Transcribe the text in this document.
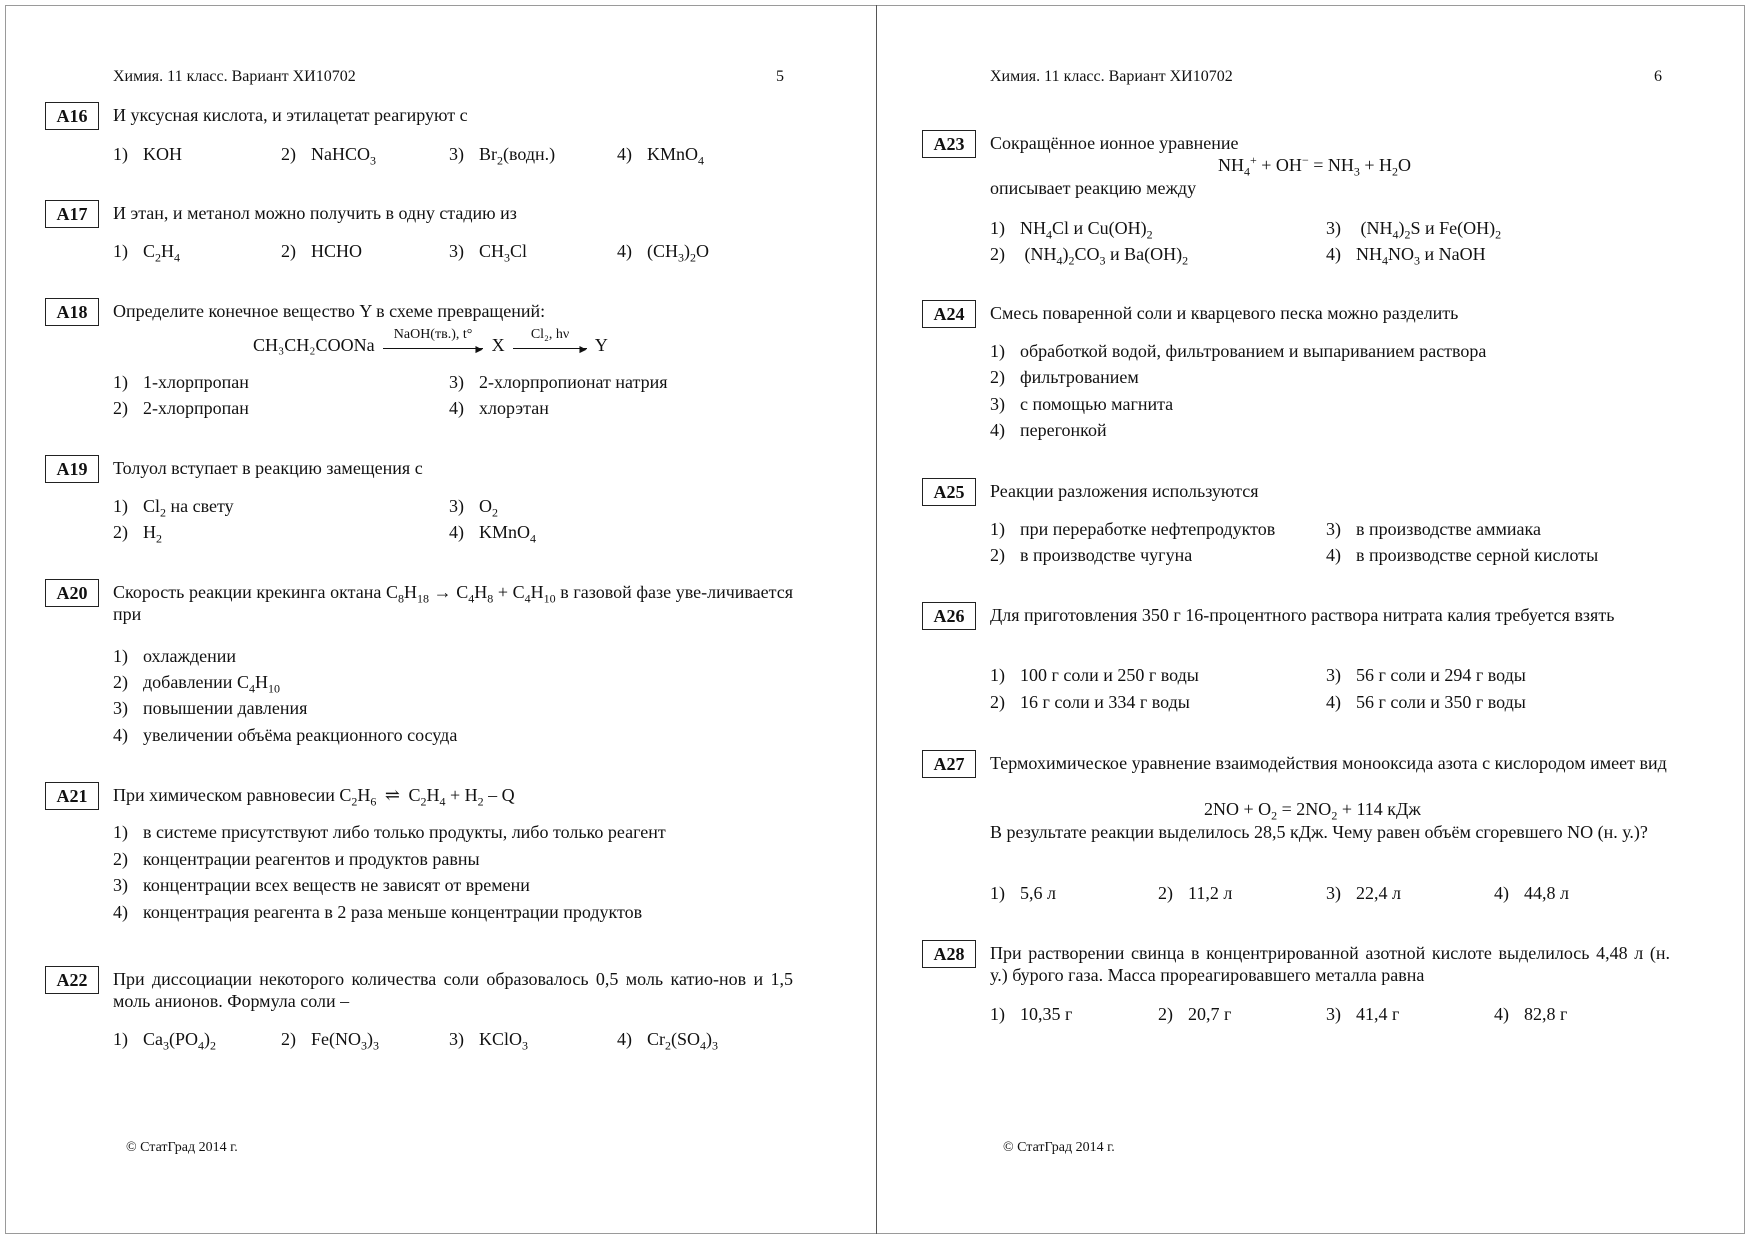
Химия. 11 класс. Вариант ХИ10702	5
А16	И уксусная кислота, и этилацетат реагируют с
1) KOH	2) NaHCO$_3$	3) $Br_2(водн.)$	4) KMnO$_4$
А17	И этан, и метанол можно получить в одну стадию из
1) $C_2H_4$	2) HCHO	3) $CH_3Cl$	4) $(CH_3)_2O$
А18	Определите конечное вещество Y в схеме превращений:
CH₃CH₂COONa
NaOH(тв.), t°
► X
Cl₂, hν
► Y
1) 1-хлорпропан
2) 2-хлорпропан
3) 2-хлорпропионат натрия
4) хлорэтан
А19	Толуол вступает в реакцию замещения с
1) $Cl_2$ на свету
2) $H_2$
3) $O_2$
4) KMnO$_4$
А20	Скорость реакции крекинга октана $C_8H_{18} \to C_4H_8 + C_4H_{10}$ в газовой фазе уве-личивается при
1) охлаждении
2) добавлении $C_4H_{10}$
3) повышении давления
4) увеличении объёма реакционного сосуда
А21	При химическом равновесии $C_2H_6$ ⇌ $C_2H_4 + H_2 - Q$
1) в системе присутствуют либо только продукты, либо только реагент
2) концентрации реагентов и продуктов равны
3) концентрации всех веществ не зависят от времени
4) концентрация реагента в 2 раза меньше концентрации продуктов
А22	При диссоциации некоторого количества соли образовалось 0,5 моль катио-нов и 1,5 моль анионов. Формула соли –
1) $Ca_3(PO_4)_2$	2) $Fe(NO_3)_3$	3) KClO$_3$	4) $Cr_2(SO_4)_3$
© СтатГрад 2014 г.
Химия. 11 класс. Вариант ХИ10702	6
А23	Сокращённое ионное уравнение
$NH_4^+ + OH^- = NH_3 + H_2O$
описывает реакцию между
1) $NH_4Cl$ и $Cu(OH)_2$
2) $(NH_4)_2CO_3$ и $Ba(OH)_2$
3) $(NH_4)_2S$ и $Fe(OH)_2$
4) $NH_4NO_3$ и NaOH
А24	Смесь поваренной соли и кварцевого песка можно разделить
1) обработкой водой, фильтрованием и выпариванием раствора
2) фильтрованием
3) с помощью магнита
4) перегонкой
А25	Реакции разложения используются
1) при переработке нефтепродуктов
2) в производстве чугуна
3) в производстве аммиака
4) в производстве серной кислоты
А26	Для приготовления 350 г 16-процентного раствора нитрата калия требуется взять
1) 100 г соли и 250 г воды
2) 16 г соли и 334 г воды
3) 56 г соли и 294 г воды
4) 56 г соли и 350 г воды
А27	Термохимическое уравнение взаимодействия монооксида азота с кислородом имеет вид
$2NO + O_2 = 2NO_2 + 114$ кДж
В результате реакции выделилось 28,5 кДж. Чему равен объём сгоревшего NO (н. у.)?
1) 5,6 л	2) 11,2 л	3) 22,4 л	4) 44,8 л
А28	При растворении свинца в концентрированной азотной кислоте выделилось 4,48 л (н. у.) бурого газа. Масса прореагировавшего металла равна
1) 10,35 г	2) 20,7 г	3) 41,4 г	4) 82,8 г
© СтатГрад 2014 г.
